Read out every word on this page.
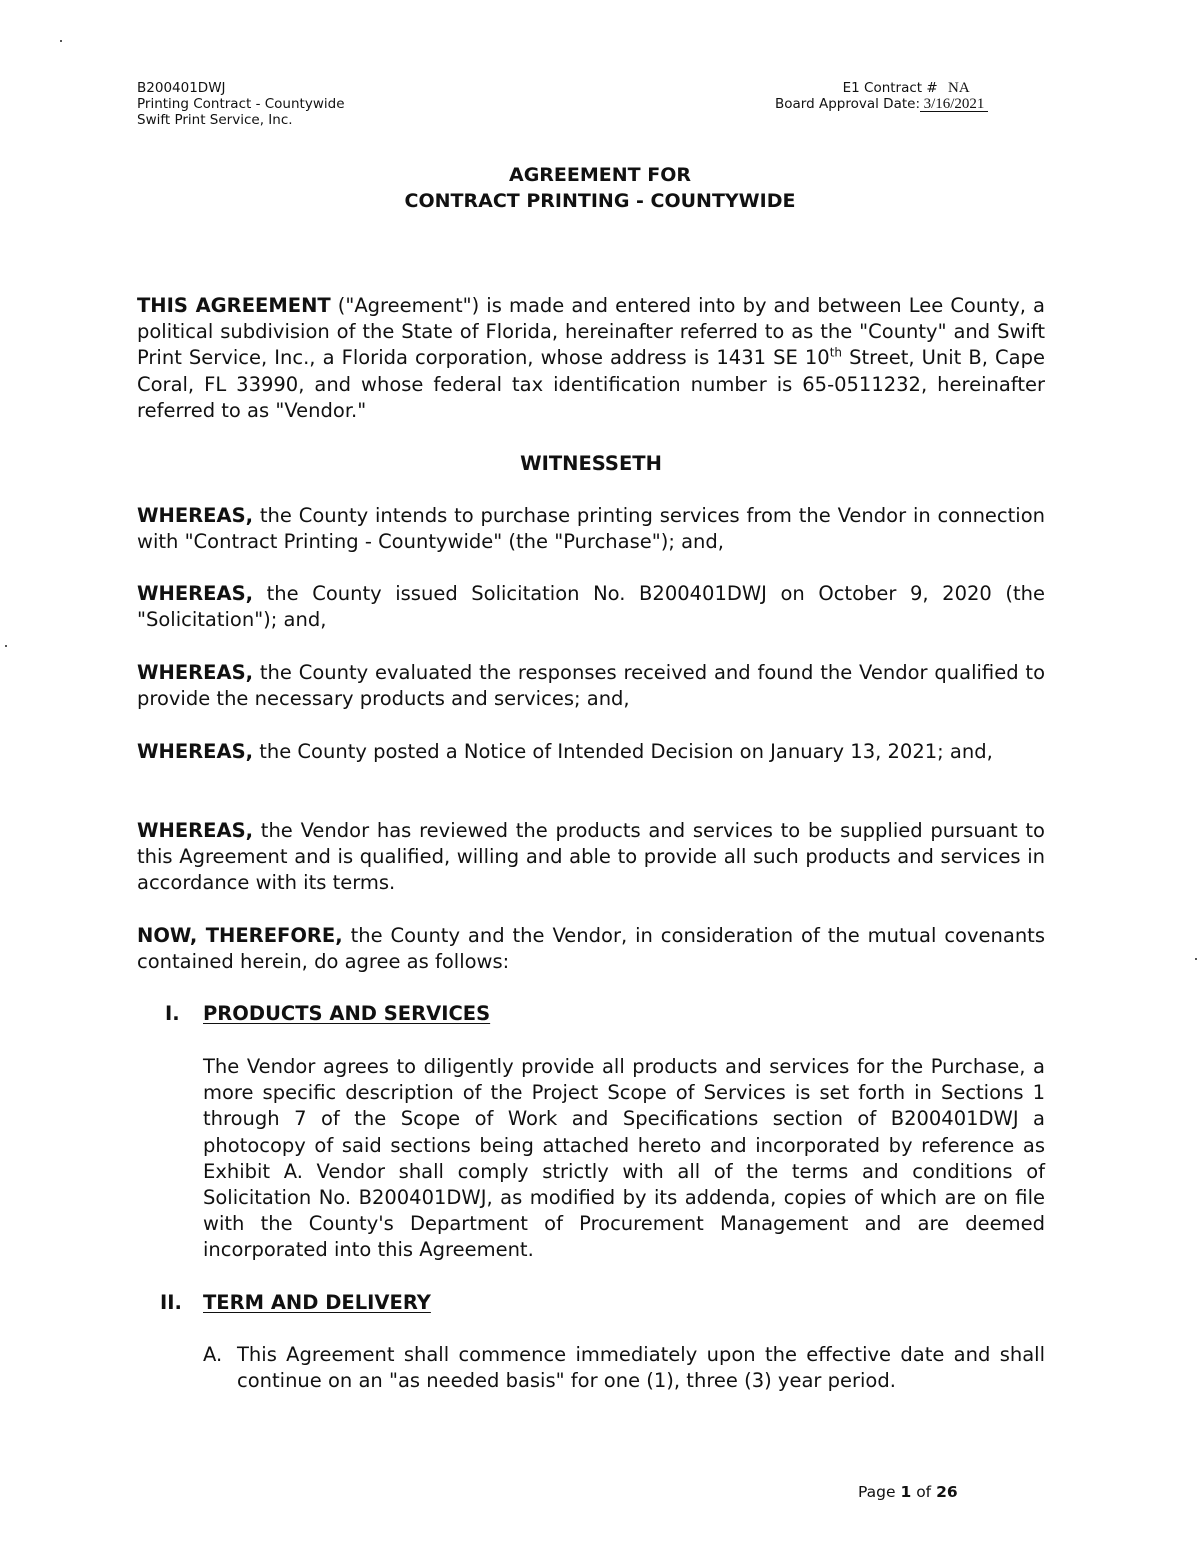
B200401DWJ
Printing Contract - Countywide
Swift Print Service, Inc.
E1 Contract # NA
Board Approval Date: 3/16/2021
AGREEMENT FOR
CONTRACT PRINTING - COUNTYWIDE

THIS AGREEMENT ("Agreement") is made and entered into by and between Lee County, a political subdivision of the State of Florida, hereinafter referred to as the "County" and Swift Print Service, Inc., a Florida corporation, whose address is 1431 SE 10th Street, Unit B, Cape Coral, FL 33990, and whose federal tax identification number is 65-0511232, hereinafter referred to as "Vendor."

WITNESSETH

WHEREAS, the County intends to purchase printing services from the Vendor in connection with "Contract Printing - Countywide" (the "Purchase"); and,

WHEREAS, the County issued Solicitation No. B200401DWJ on October 9, 2020 (the "Solicitation"); and,

WHEREAS, the County evaluated the responses received and found the Vendor qualified to provide the necessary products and services; and,

WHEREAS, the County posted a Notice of Intended Decision on January 13, 2021; and,

WHEREAS, the Vendor has reviewed the products and services to be supplied pursuant to this Agreement and is qualified, willing and able to provide all such products and services in accordance with its terms.

NOW, THEREFORE, the County and the Vendor, in consideration of the mutual covenants contained herein, do agree as follows:

I.	PRODUCTS AND SERVICES

The Vendor agrees to diligently provide all products and services for the Purchase, a more specific description of the Project Scope of Services is set forth in Sections 1 through 7 of the Scope of Work and Specifications section of B200401DWJ a photocopy of said sections being attached hereto and incorporated by reference as Exhibit A. Vendor shall comply strictly with all of the terms and conditions of Solicitation No. B200401DWJ, as modified by its addenda, copies of which are on file with the County's Department of Procurement Management and are deemed incorporated into this Agreement.

II.	TERM AND DELIVERY

A. This Agreement shall commence immediately upon the effective date and shall continue on an "as needed basis" for one (1), three (3) year period.
Page 1 of 26
